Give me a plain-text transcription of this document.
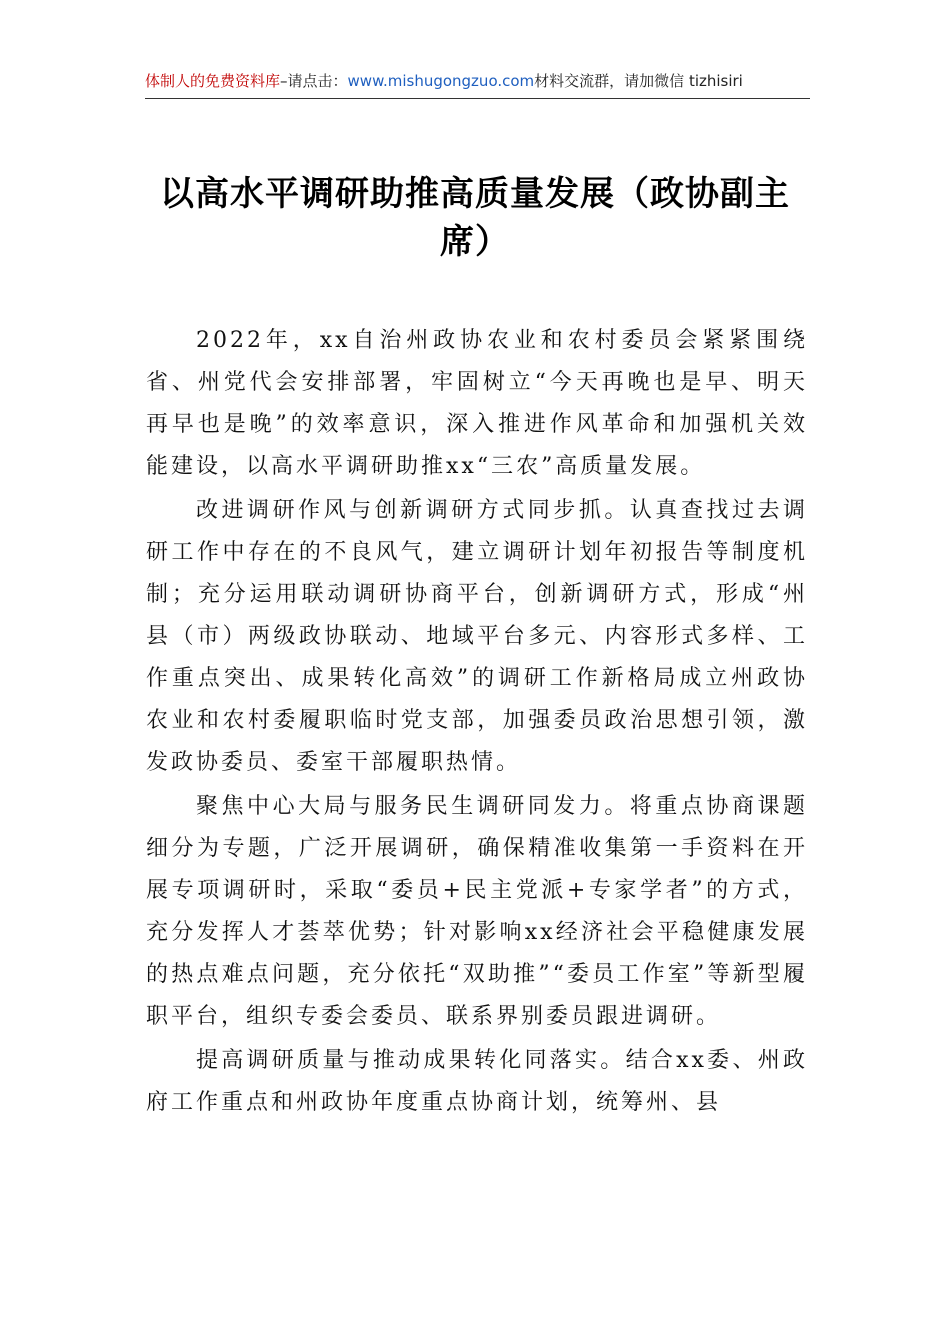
体制人的免费资料库–请点击：www.mishugongzuo.com材料交流群，请加微信 tizhisiri
以高水平调研助推高质量发展（政协副主席）

2022年，xx自治州政协农业和农村委员会紧紧围绕省、州党代会安排部署，牢固树立“今天再晚也是早、明天再早也是晚”的效率意识，深入推进作风革命和加强机关效能建设，以高水平调研助推xx“三农”高质量发展。

改进调研作风与创新调研方式同步抓。认真查找过去调研工作中存在的不良风气，建立调研计划年初报告等制度机制；充分运用联动调研协商平台，创新调研方式，形成“州县（市）两级政协联动、地域平台多元、内容形式多样、工作重点突出、成果转化高效”的调研工作新格局成立州政协农业和农村委履职临时党支部，加强委员政治思想引领，激发政协委员、委室干部履职热情。

聚焦中心大局与服务民生调研同发力。将重点协商课题细分为专题，广泛开展调研，确保精准收集第一手资料在开展专项调研时，采取“委员+民主党派+专家学者”的方式，充分发挥人才荟萃优势；针对影响xx经济社会平稳健康发展的热点难点问题，充分依托“双助推”“委员工作室”等新型履职平台，组织专委会委员、联系界别委员跟进调研。

提高调研质量与推动成果转化同落实。结合xx委、州政府工作重点和州政协年度重点协商计划，统筹州、县
